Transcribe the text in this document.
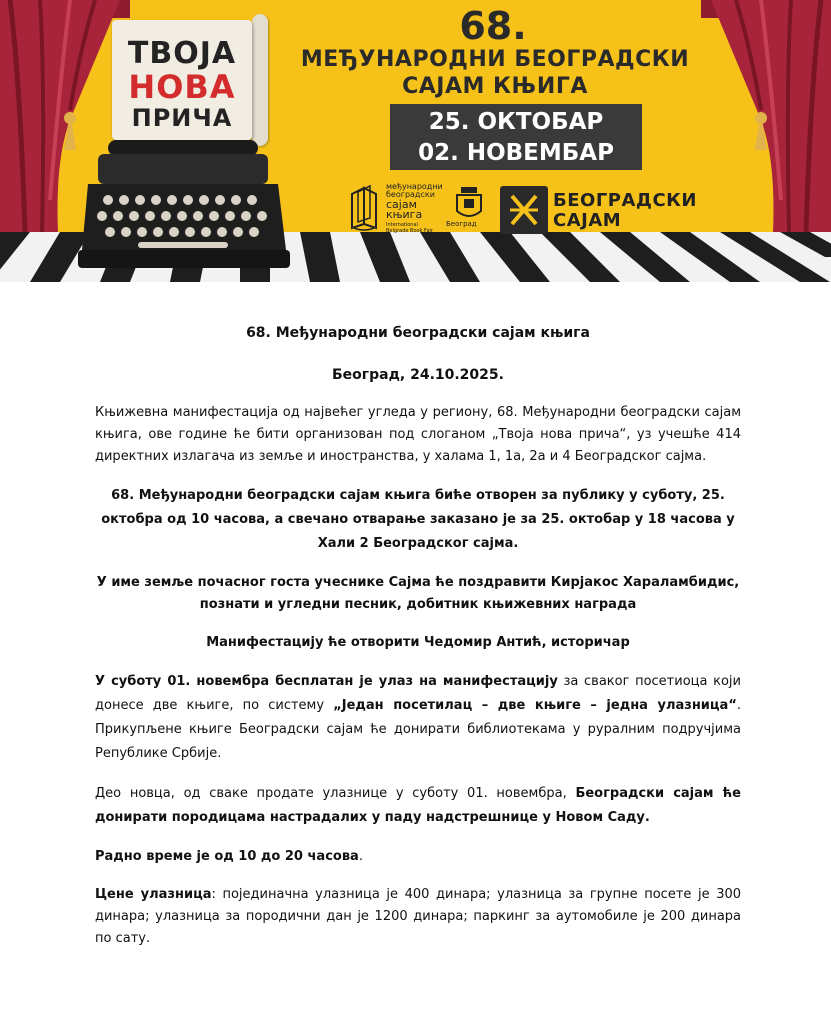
ТВОЈА
НОВА
ПРИЧА
68.
МЕЂУНАРОДНИ БЕОГРАДСКИ
САЈАМ КЊИГА
25. ОКТОБАР
02. НОВЕМБАР
међународни београдски
сајам
књига
International Belgrade Book Fair
Београд
БЕОГРАДСКИ
САЈАМ

68. Међународни београдски сајам књига

Београд, 24.10.2025.

Књижевна манифестација од највећег угледа у региону, 68. Међународни београдски сајам књига, ове године ће бити организован под слоганом „Твоја нова прича“, уз учешће 414 директних излагача из земље и иностранства, у халама 1, 1а, 2а и 4 Београдског сајма.

68. Међународни београдски сајам књига биће отворен за публику у суботу, 25. октобра од 10 часова, а свечано отварање заказано је за 25. октобар у 18 часова у Хали 2 Београдског сајма.

У име земље почасног госта учеснике Сајма ће поздравити Кирјакос Хараламбидис, познати и угледни песник, добитник књижевних награда

Манифестацију ће отворити Чедомир Антић, историчар

У суботу 01. новембра бесплатан је улаз на манифестацију за сваког посетиоца који донесе две књиге, по систему „Један посетилац – две књиге – једна улазница“. Прикупљене књиге Београдски сајам ће донирати библиотекама у руралним подручјима Републике Србије.

Део новца, од сваке продате улазнице у суботу 01. новембра, Београдски сајам ће донирати породицама настрадалих у паду надстрешнице у Новом Саду.

Радно време је од 10 до 20 часова.

Цене улазница: појединачна улазница је 400 динара; улазница за групне посете је 300 динара; улазница за породични дан је 1200 динара; паркинг за аутомобиле је 200 динара по сату.
